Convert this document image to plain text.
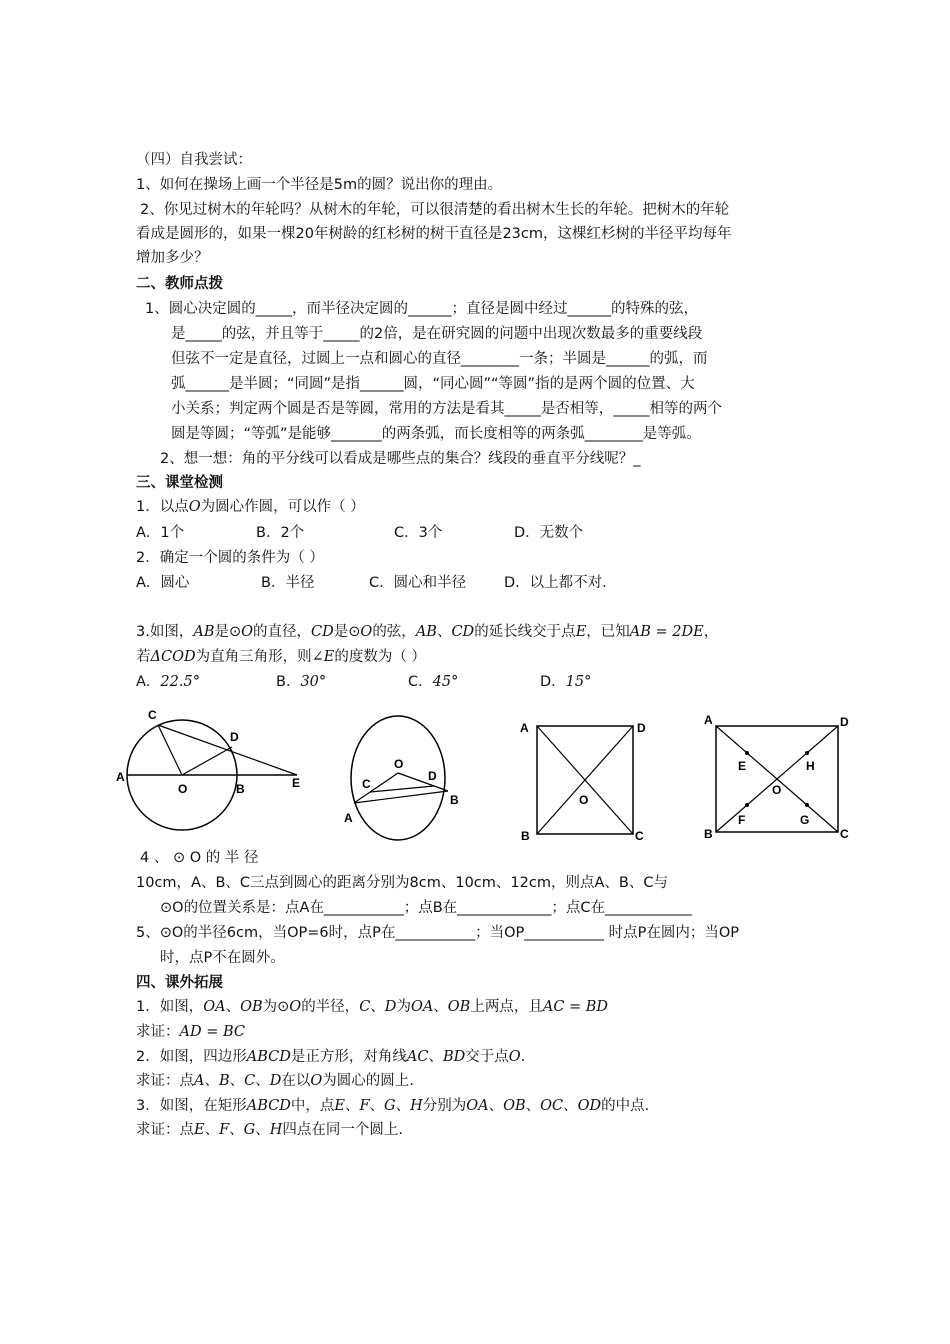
（四）自我尝试：
1、如何在操场上画一个半径是5m的圆？说出你的理由。
2、你见过树木的年轮吗？从树木的年轮，可以很清楚的看出树木生长的年轮。把树木的年轮
看成是圆形的，如果一棵20年树龄的红杉树的树干直径是23cm，这棵红杉树的半径平均每年
增加多少？
二、教师点拨
1、圆心决定圆的_____，而半径决定圆的______；直径是圆中经过______的特殊的弦，
是_____的弦，并且等于_____的2倍，是在研究圆的问题中出现次数最多的重要线段
但弦不一定是直径，过圆上一点和圆心的直径________一条；半圆是______的弧，而
弧______是半圆；“同圆”是指______圆，“同心圆”“等圆”指的是两个圆的位置、大
小关系；判定两个圆是否是等圆，常用的方法是看其_____是否相等，_____相等的两个
圆是等圆；“等弧”是能够_______的两条弧，而长度相等的两条弧________是等弧。
2、想一想：角的平分线可以看成是哪些点的集合？线段的垂直平分线呢？_
三、课堂检测
1．以点O为圆心作圆，可以作（ ）
A．1个	B．2个	C．3个	D．无数个
2．确定一个圆的条件为（ ）
A．圆心	B．半径	C．圆心和半径	D．以上都不对.
3.如图，AB是⊙O的直径，CD是⊙O的弦，AB、CD的延长线交于点E，已知AB = 2DE，
若ΔCOD为直角三角形，则∠E的度数为（ ）
A．22.5°	B．30°	C．45°	D．15°
C
D
A
O	B	E
O
C
D
A
B
A	D
B	C
O
A	D
B	C
E	H
F	G
O
4 、 ⊙ O 的 半 径
10cm，A、B、C三点到圆心的距离分别为8cm、10cm、12cm，则点A、B、C与
⊙O的位置关系是：点A在___________；点B在_____________；点C在____________
5、⊙O的半径6cm，当OP=6时，点P在___________；当OP___________ 时点P在圆内；当OP
时，点P不在圆外。
四、课外拓展
1．如图，OA、OB为⊙O的半径，C、D为OA、OB上两点，且AC = BD
求证：AD = BC
2．如图，四边形ABCD是正方形，对角线AC、BD交于点O.
求证：点A、B、C、D在以O为圆心的圆上.
3．如图，在矩形ABCD中，点E、F、G、H分别为OA、OB、OC、OD的中点.
求证：点E、F、G、H四点在同一个圆上.
